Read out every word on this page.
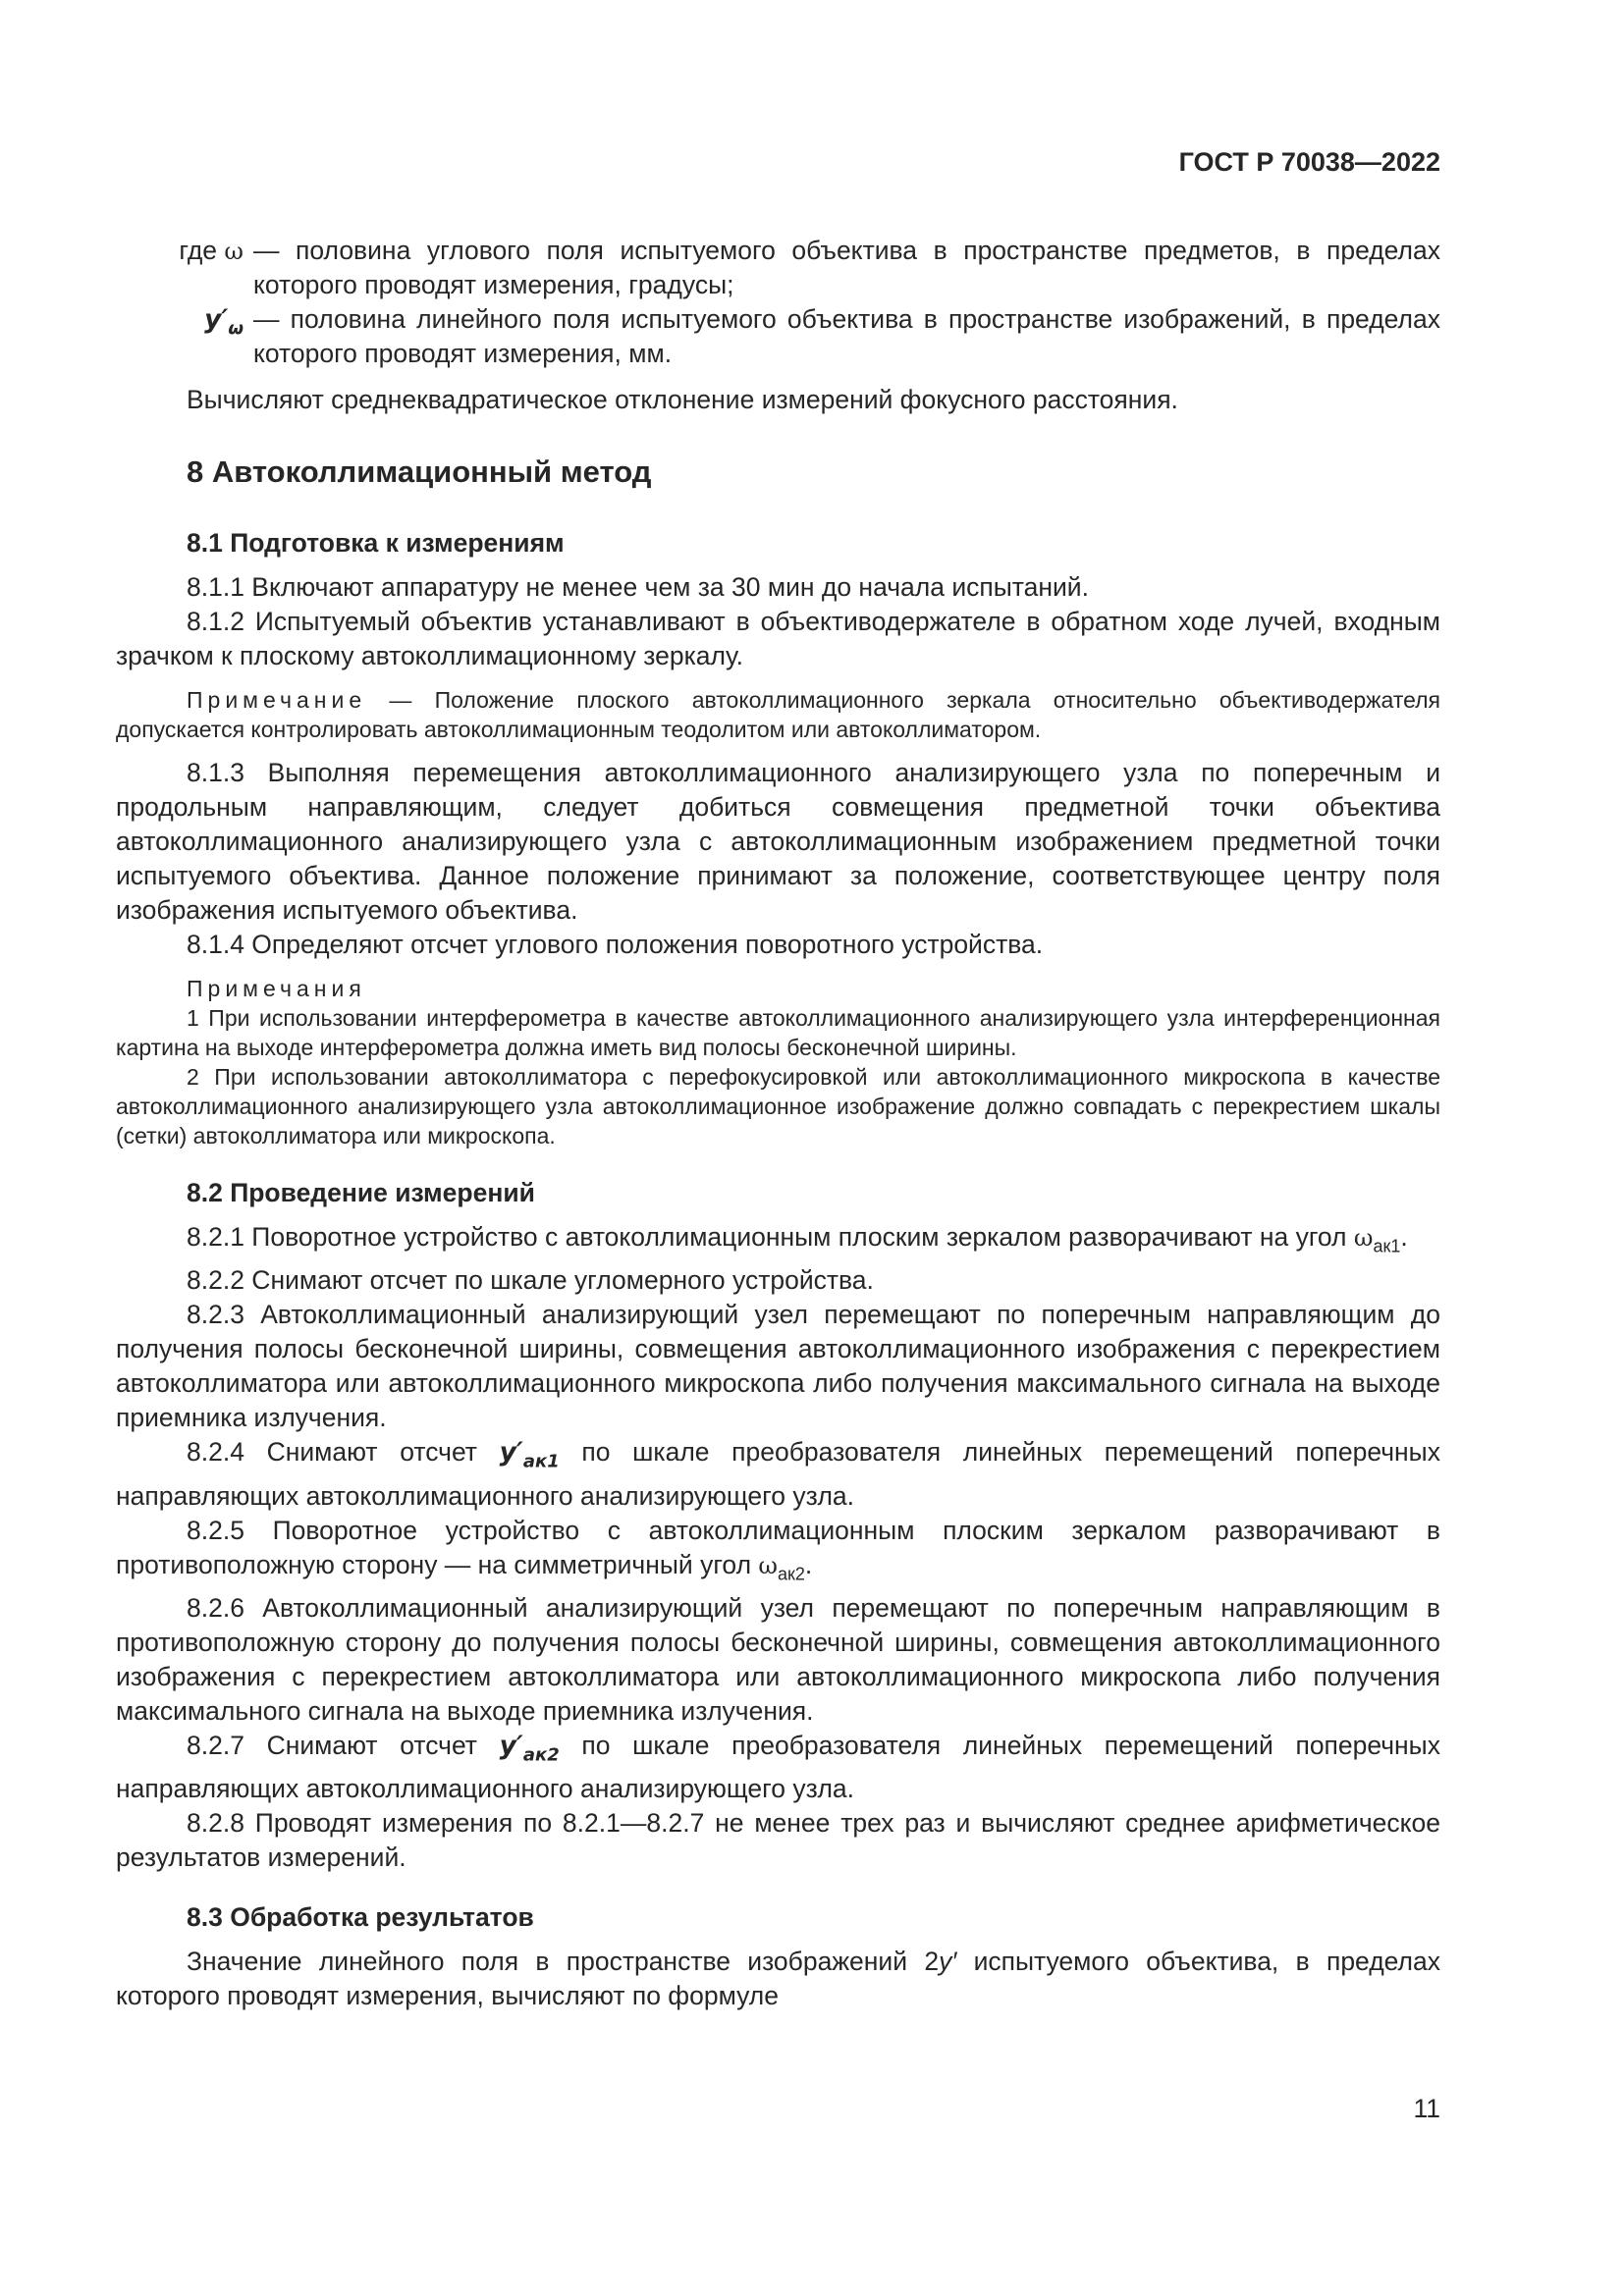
ГОСТ Р 70038—2022
где ω — половина углового поля испытуемого объектива в пространстве предметов, в пределах которого проводят измерения, градусы;
$y'_\omega$ — половина линейного поля испытуемого объектива в пространстве изображений, в пределах которого проводят измерения, мм.

Вычисляют среднеквадратическое отклонение измерений фокусного расстояния.

8 Автоколлимационный метод
8.1 Подготовка к измерениям

8.1.1 Включают аппаратуру не менее чем за 30 мин до начала испытаний.

8.1.2 Испытуемый объектив устанавливают в объективодержателе в обратном ходе лучей, входным зрачком к плоскому автоколлимационному зеркалу.

Примечание — Положение плоского автоколлимационного зеркала относительно объективодержателя допускается контролировать автоколлимационным теодолитом или автоколлиматором.

8.1.3 Выполняя перемещения автоколлимационного анализирующего узла по поперечным и продольным направляющим, следует добиться совмещения предметной точки объектива автоколлимационного анализирующего узла с автоколлимационным изображением предметной точки испытуемого объектива. Данное положение принимают за положение, соответствующее центру поля изображения испытуемого объектива.

8.1.4 Определяют отсчет углового положения поворотного устройства.

Примечания

1 При использовании интерферометра в качестве автоколлимационного анализирующего узла интерференционная картина на выходе интерферометра должна иметь вид полосы бесконечной ширины.

2 При использовании автоколлиматора с перефокусировкой или автоколлимационного микроскопа в качестве автоколлимационного анализирующего узла автоколлимационное изображение должно совпадать с перекрестием шкалы (сетки) автоколлиматора или микроскопа.

8.2 Проведение измерений

8.2.1 Поворотное устройство с автоколлимационным плоским зеркалом разворачивают на угол $\omega_{ак1}$.

8.2.2 Снимают отсчет по шкале угломерного устройства.

8.2.3 Автоколлимационный анализирующий узел перемещают по поперечным направляющим до получения полосы бесконечной ширины, совмещения автоколлимационного изображения с перекрестием автоколлиматора или автоколлимационного микроскопа либо получения максимального сигнала на выходе приемника излучения.

8.2.4 Снимают отсчет $y'_{ак1}$ по шкале преобразователя линейных перемещений поперечных направляющих автоколлимационного анализирующего узла.

8.2.5 Поворотное устройство с автоколлимационным плоским зеркалом разворачивают в противоположную сторону — на симметричный угол $\omega_{ак2}$.

8.2.6 Автоколлимационный анализирующий узел перемещают по поперечным направляющим в противоположную сторону до получения полосы бесконечной ширины, совмещения автоколлимационного изображения с перекрестием автоколлиматора или автоколлимационного микроскопа либо получения максимального сигнала на выходе приемника излучения.

8.2.7 Снимают отсчет $y'_{ак2}$ по шкале преобразователя линейных перемещений поперечных направляющих автоколлимационного анализирующего узла.

8.2.8 Проводят измерения по 8.2.1—8.2.7 не менее трех раз и вычисляют среднее арифметическое результатов измерений.

8.3 Обработка результатов

Значение линейного поля в пространстве изображений 2y′ испытуемого объектива, в пределах которого проводят измерения, вычисляют по формуле

11
